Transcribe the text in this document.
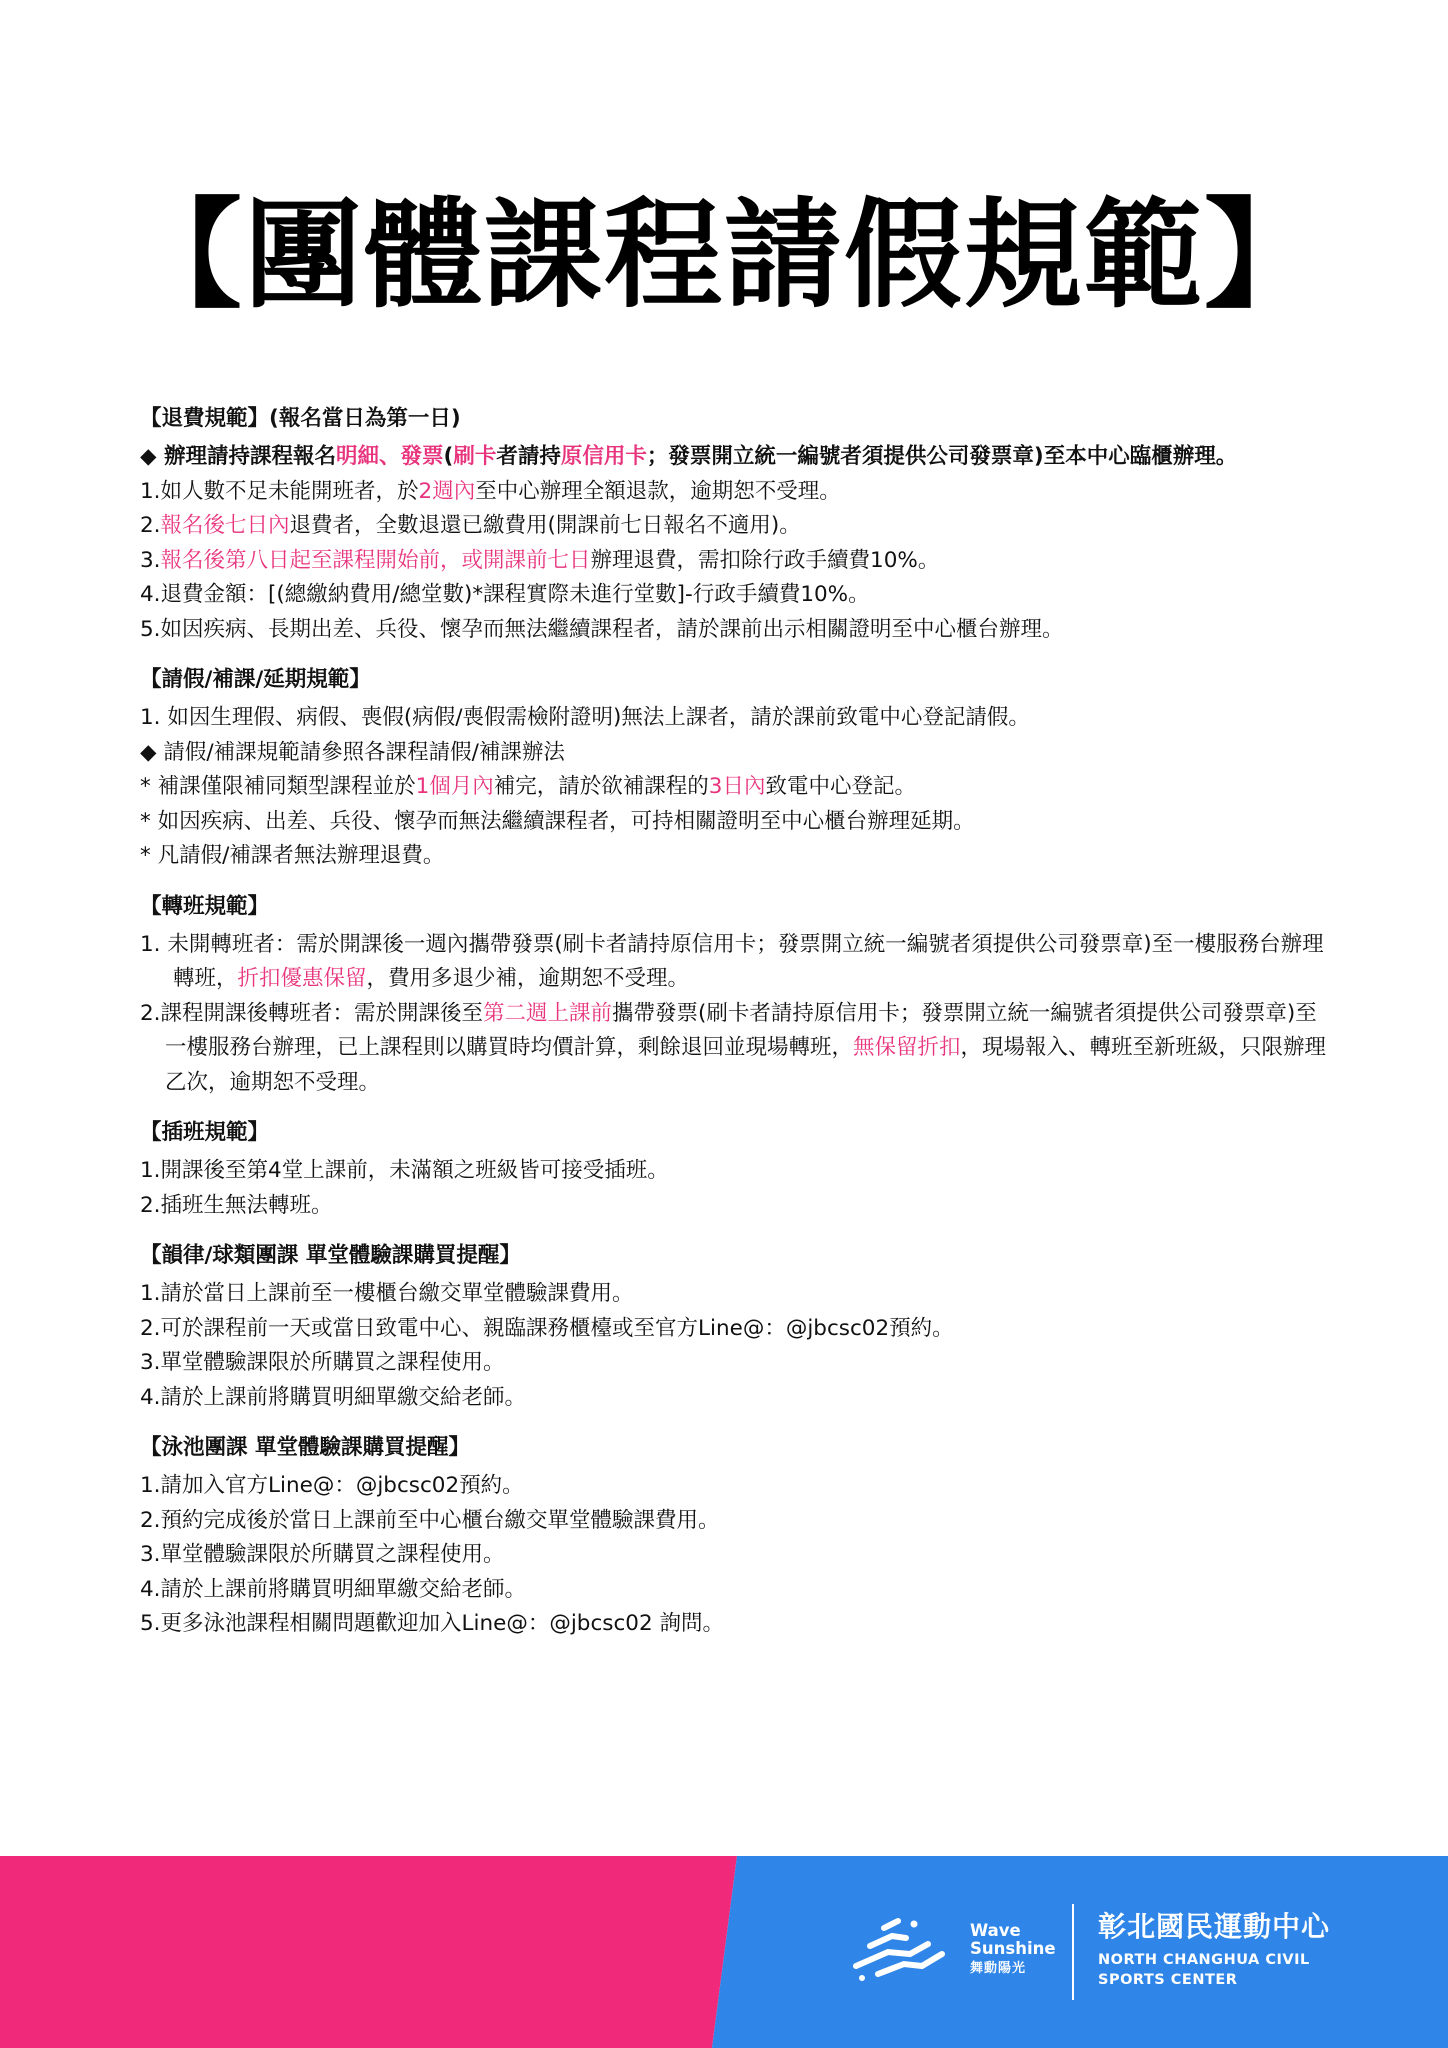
【團體課程請假規範】

【退費規範】(報名當日為第一日)

◆ 辦理請持課程報名明細、發票(刷卡者請持原信用卡；發票開立統一編號者須提供公司發票章)至本中心臨櫃辦理。

1.如人數不足未能開班者，於2週內至中心辦理全額退款，逾期恕不受理。

2.報名後七日內退費者，全數退還已繳費用(開課前七日報名不適用)。

3.報名後第八日起至課程開始前，或開課前七日辦理退費，需扣除行政手續費10%。

4.退費金額：[(總繳納費用/總堂數)*課程實際未進行堂數]-行政手續費10%。

5.如因疾病、長期出差、兵役、懷孕而無法繼續課程者，請於課前出示相關證明至中心櫃台辦理。

【請假/補課/延期規範】

1. 如因生理假、病假、喪假(病假/喪假需檢附證明)無法上課者，請於課前致電中心登記請假。

◆ 請假/補課規範請參照各課程請假/補課辦法

* 補課僅限補同類型課程並於1個月內補完，請於欲補課程的3日內致電中心登記。

* 如因疾病、出差、兵役、懷孕而無法繼續課程者，可持相關證明至中心櫃台辦理延期。

* 凡請假/補課者無法辦理退費。

【轉班規範】

1. 未開轉班者：需於開課後一週內攜帶發票(刷卡者請持原信用卡；發票開立統一編號者須提供公司發票章)至一樓服務台辦理轉班，折扣優惠保留，費用多退少補，逾期恕不受理。

2.課程開課後轉班者：需於開課後至第二週上課前攜帶發票(刷卡者請持原信用卡；發票開立統一編號者須提供公司發票章)至一樓服務台辦理，已上課程則以購買時均價計算，剩餘退回並現場轉班，無保留折扣，現場報入、轉班至新班級，只限辦理乙次，逾期恕不受理。

【插班規範】

1.開課後至第4堂上課前，未滿額之班級皆可接受插班。

2.插班生無法轉班。

【韻律/球類團課 單堂體驗課購買提醒】

1.請於當日上課前至一樓櫃台繳交單堂體驗課費用。

2.可於課程前一天或當日致電中心、親臨課務櫃檯或至官方Line@：@jbcsc02預約。

3.單堂體驗課限於所購買之課程使用。

4.請於上課前將購買明細單繳交給老師。

【泳池團課 單堂體驗課購買提醒】

1.請加入官方Line@：@jbcsc02預約。

2.預約完成後於當日上課前至中心櫃台繳交單堂體驗課費用。

3.單堂體驗課限於所購買之課程使用。

4.請於上課前將購買明細單繳交給老師。

5.更多泳池課程相關問題歡迎加入Line@：@jbcsc02 詢問。

Wave
Sunshine
舞動陽光
彰北國民運動中心
NORTH CHANGHUA CIVIL
SPORTS CENTER
